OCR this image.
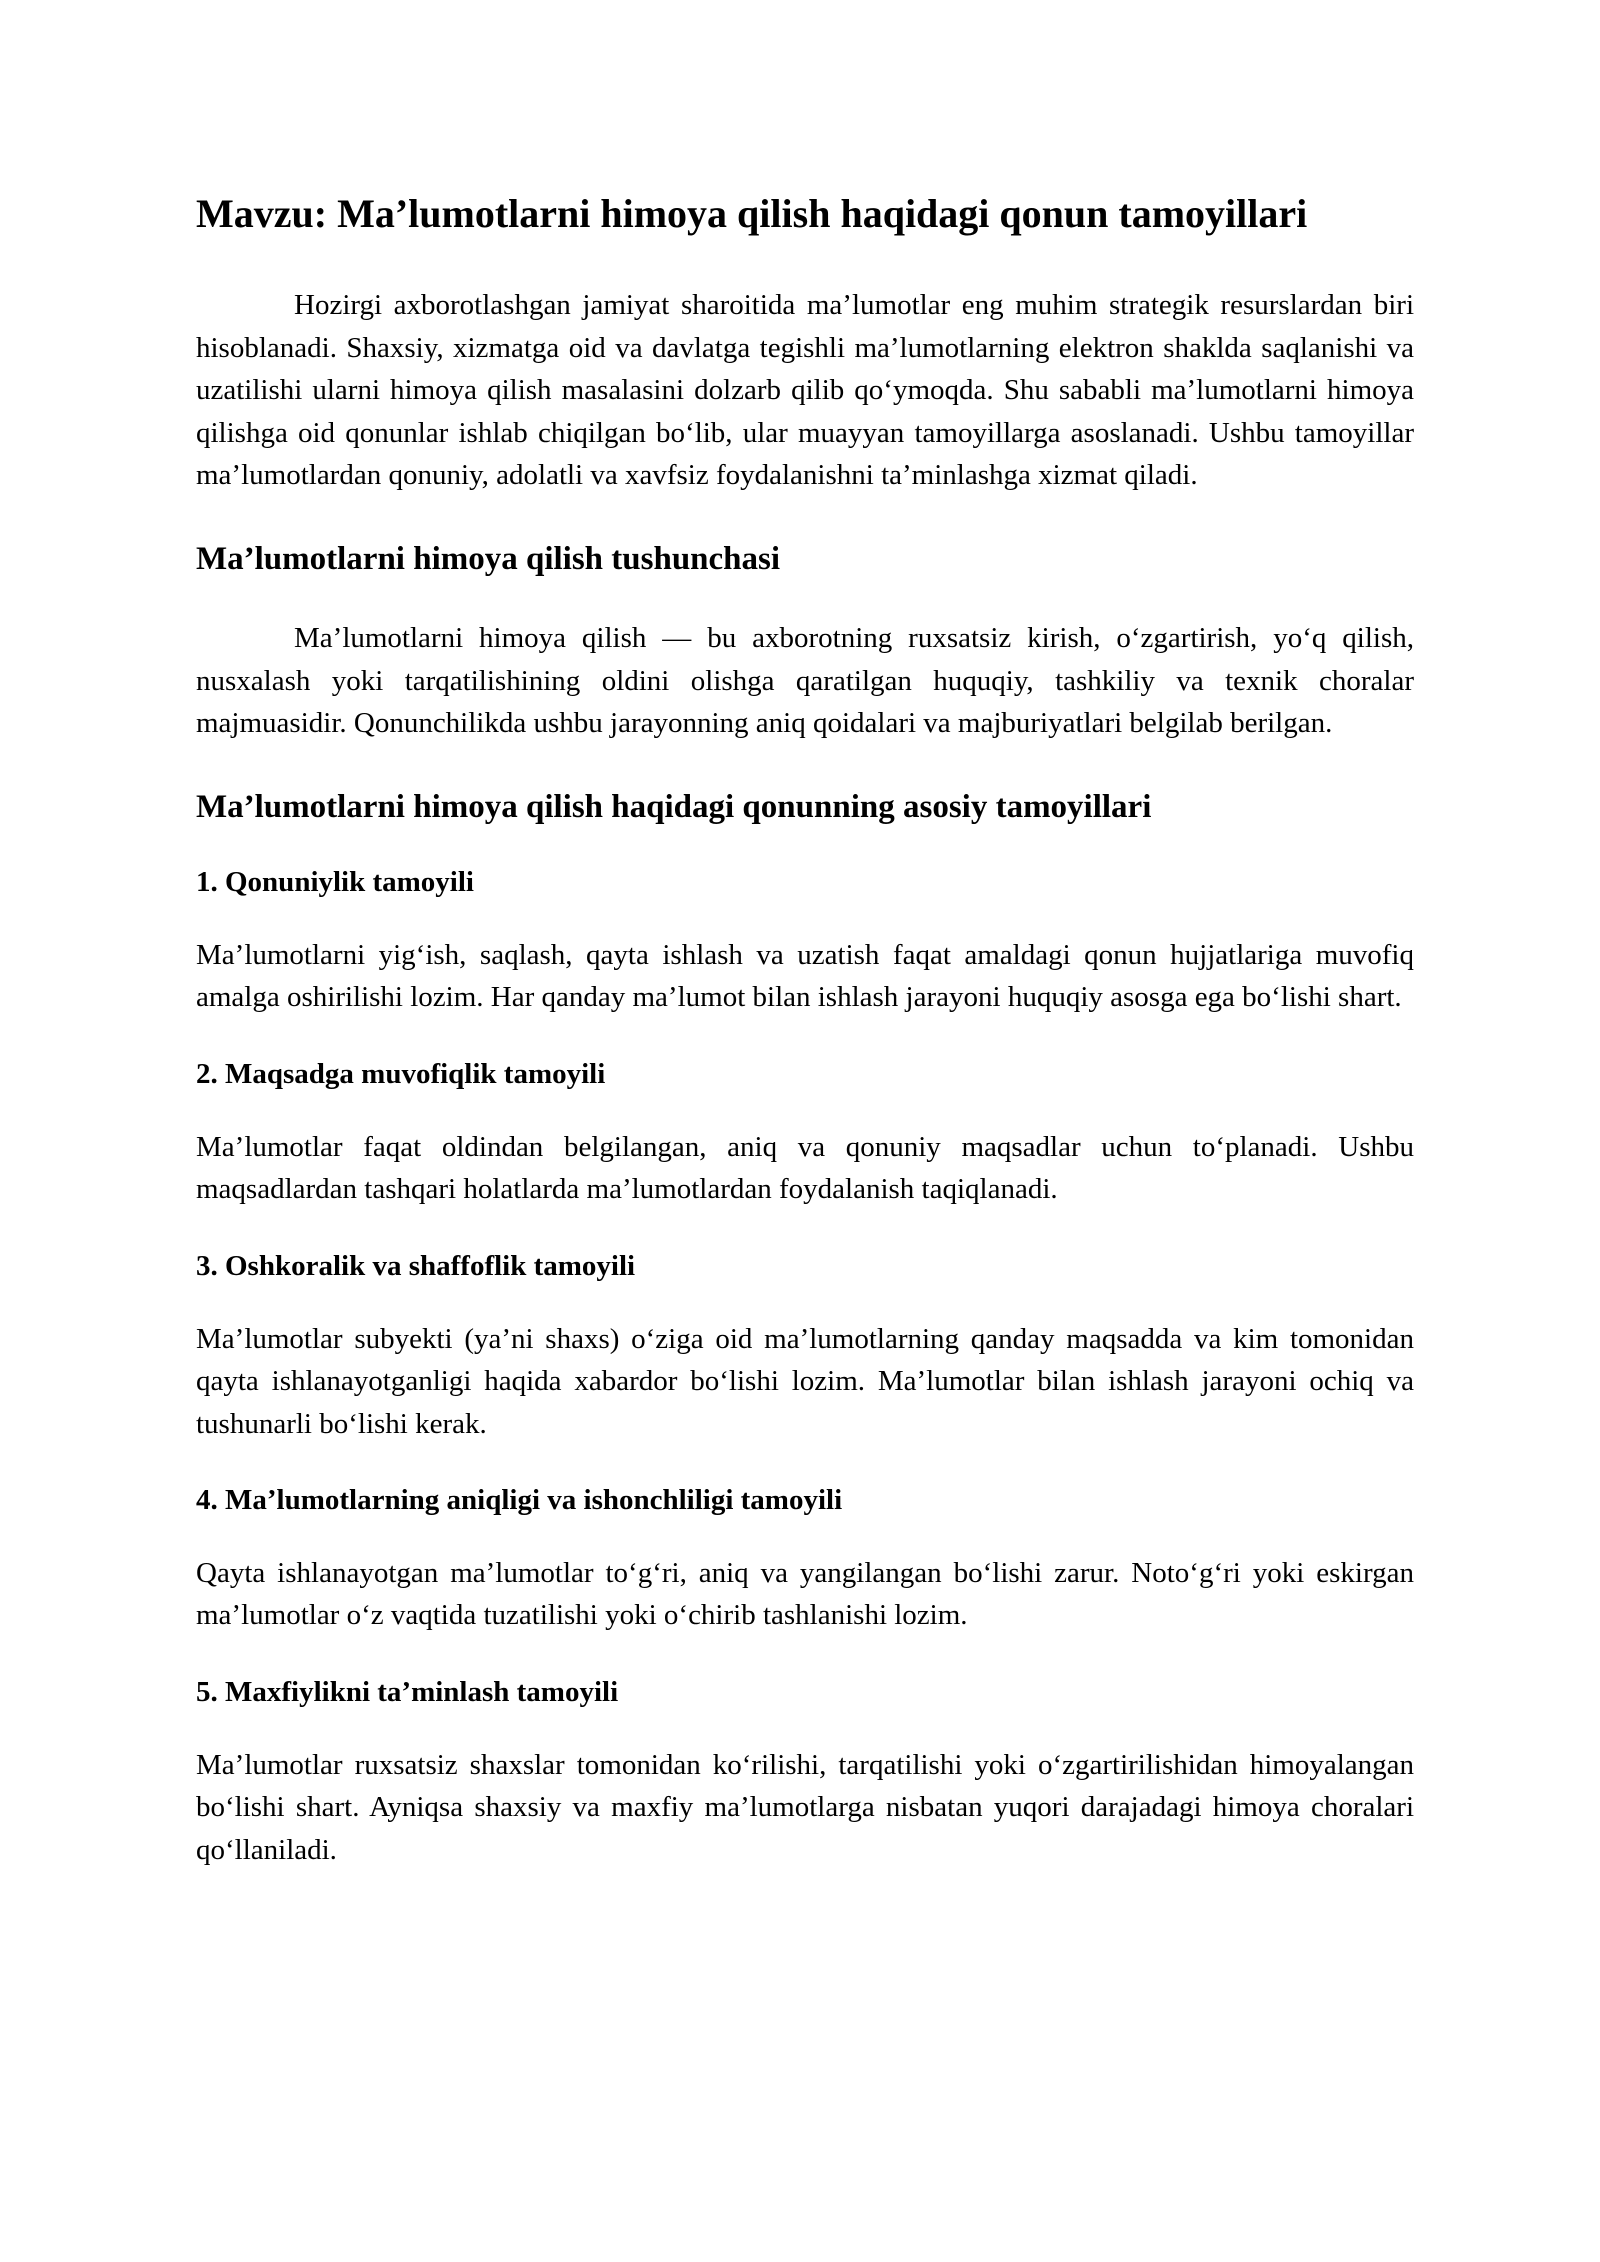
Mavzu: Ma’lumotlarni himoya qilish haqidagi qonun tamoyillari

Hozirgi axborotlashgan jamiyat sharoitida ma’lumotlar eng muhim strategik resurslardan biri hisoblanadi. Shaxsiy, xizmatga oid va davlatga tegishli ma’lumotlarning elektron shaklda saqlanishi va uzatilishi ularni himoya qilish masalasini dolzarb qilib qo‘ymoqda. Shu sababli ma’lumotlarni himoya qilishga oid qonunlar ishlab chiqilgan bo‘lib, ular muayyan tamoyillarga asoslanadi. Ushbu tamoyillar ma’lumotlardan qonuniy, adolatli va xavfsiz foydalanishni ta’minlashga xizmat qiladi.

Ma’lumotlarni himoya qilish tushunchasi

Ma’lumotlarni himoya qilish — bu axborotning ruxsatsiz kirish, o‘zgartirish, yo‘q qilish, nusxalash yoki tarqatilishining oldini olishga qaratilgan huquqiy, tashkiliy va texnik choralar majmuasidir. Qonunchilikda ushbu jarayonning aniq qoidalari va majburiyatlari belgilab berilgan.

Ma’lumotlarni himoya qilish haqidagi qonunning asosiy tamoyillari
1. Qonuniylik tamoyili

Ma’lumotlarni yig‘ish, saqlash, qayta ishlash va uzatish faqat amaldagi qonun hujjatlariga muvofiq amalga oshirilishi lozim. Har qanday ma’lumot bilan ishlash jarayoni huquqiy asosga ega bo‘lishi shart.

2. Maqsadga muvofiqlik tamoyili

Ma’lumotlar faqat oldindan belgilangan, aniq va qonuniy maqsadlar uchun to‘planadi. Ushbu maqsadlardan tashqari holatlarda ma’lumotlardan foydalanish taqiqlanadi.

3. Oshkoralik va shaffoflik tamoyili

Ma’lumotlar subyekti (ya’ni shaxs) o‘ziga oid ma’lumotlarning qanday maqsadda va kim tomonidan qayta ishlanayotganligi haqida xabardor bo‘lishi lozim. Ma’lumotlar bilan ishlash jarayoni ochiq va tushunarli bo‘lishi kerak.

4. Ma’lumotlarning aniqligi va ishonchliligi tamoyili

Qayta ishlanayotgan ma’lumotlar to‘g‘ri, aniq va yangilangan bo‘lishi zarur. Noto‘g‘ri yoki eskirgan ma’lumotlar o‘z vaqtida tuzatilishi yoki o‘chirib tashlanishi lozim.

5. Maxfiylikni ta’minlash tamoyili

Ma’lumotlar ruxsatsiz shaxslar tomonidan ko‘rilishi, tarqatilishi yoki o‘zgartirilishidan himoyalangan bo‘lishi shart. Ayniqsa shaxsiy va maxfiy ma’lumotlarga nisbatan yuqori darajadagi himoya choralari qo‘llaniladi.
